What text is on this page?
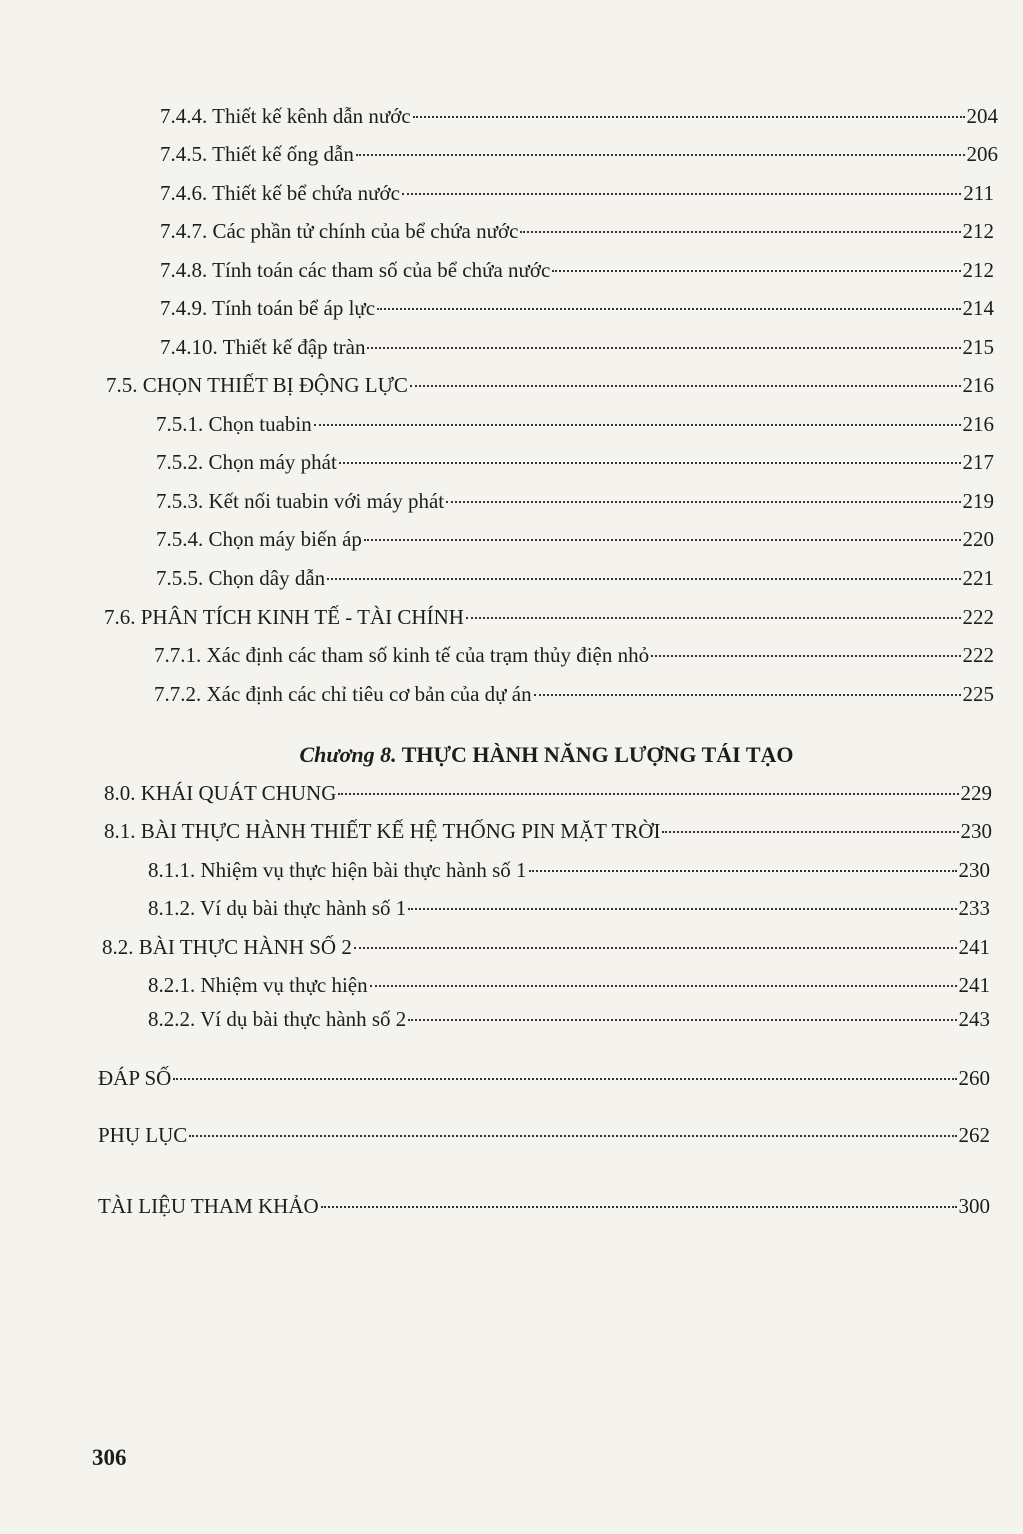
7.4.4. Thiết kế kênh dẫn nước	204
7.4.5. Thiết kế ống dẫn	206
7.4.6. Thiết kế bể chứa nước	211
7.4.7. Các phần tử chính của bể chứa nước	212
7.4.8. Tính toán các tham số của bể chứa nước	212
7.4.9. Tính toán bể áp lực	214
7.4.10. Thiết kế đập tràn	215
7.5. CHỌN THIẾT BỊ ĐỘNG LỰC	216
7.5.1. Chọn tuabin	216
7.5.2. Chọn máy phát	217
7.5.3. Kết nối tuabin với máy phát	219
7.5.4. Chọn máy biến áp	220
7.5.5. Chọn dây dẫn	221
7.6. PHÂN TÍCH KINH TẾ - TÀI CHÍNH	222
7.7.1. Xác định các tham số kinh tế của trạm thủy điện nhỏ	222
7.7.2. Xác định các chỉ tiêu cơ bản của dự án	225
Chương 8. THỰC HÀNH NĂNG LƯỢNG TÁI TẠO
8.0. KHÁI QUÁT CHUNG	229
8.1. BÀI THỰC HÀNH THIẾT KẾ HỆ THỐNG PIN MẶT TRỜI	230
8.1.1. Nhiệm vụ thực hiện bài thực hành số 1	230
8.1.2. Ví dụ bài thực hành số 1	233
8.2. BÀI THỰC HÀNH SỐ 2	241
8.2.1. Nhiệm vụ thực hiện	241
8.2.2. Ví dụ bài thực hành số 2	243
ĐÁP SỐ	260
PHỤ LỤC	262
TÀI LIỆU THAM KHẢO	300
306
